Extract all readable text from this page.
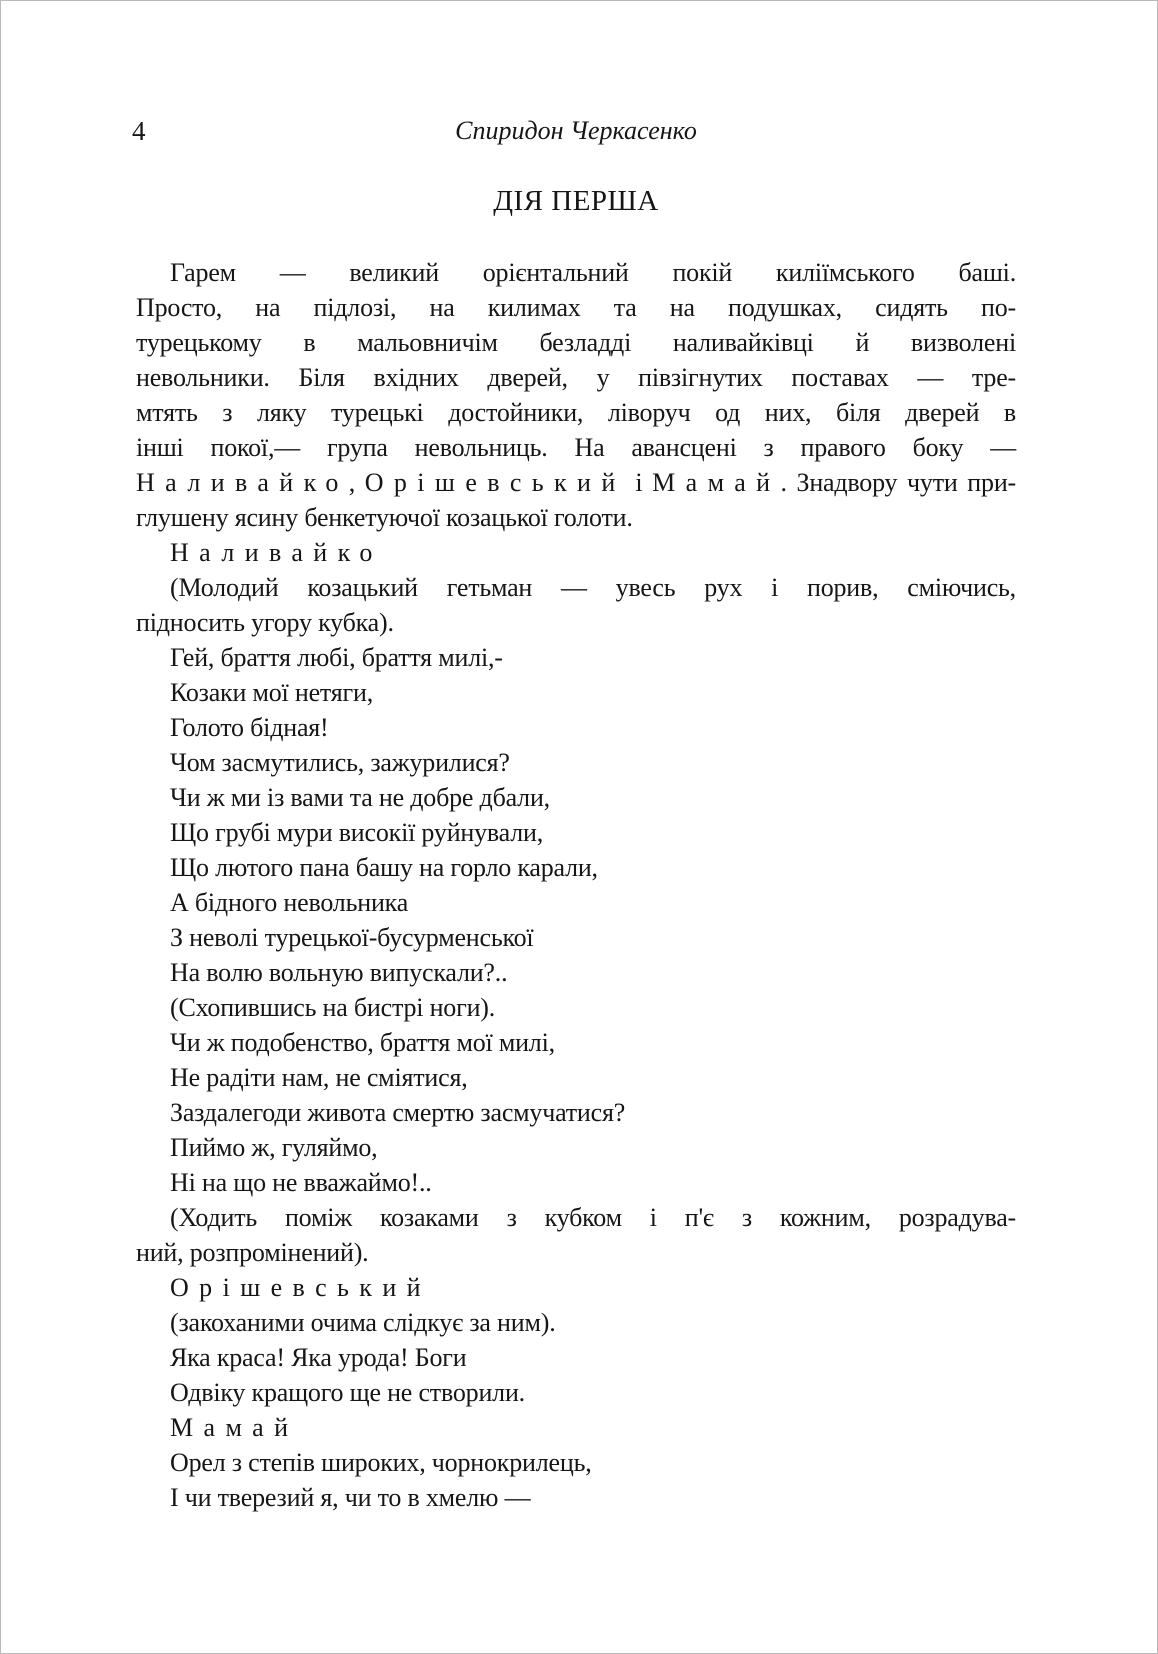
4	Спиридон Черкасенко
ДІЯ ПЕРША
Гарем — великий орієнтальний покій киліїмського баші.
Просто, на підлозі, на килимах та на подушках, сидять по-
турецькому в мальовничім безладді наливайківці й визволені
невольники. Біля вхідних дверей, у півзігнутих поставах — тре-
мтять з ляку турецькі достойники, ліворуч од них, біля дверей в
інші покої,— група невольниць. На авансцені з правого боку —
Наливайко, Орішевський і Мамай. Знадвору чути при-
глушену ясину бенкетуючої козацької голоти.
Наливайко
(Молодий козацький гетьман — увесь рух і порив, сміючись,
підносить угору кубка).
Гей, браття любі, браття милі,-
Козаки мої нетяги,
Голото бідная!
Чом засмутились, зажурилися?
Чи ж ми із вами та не добре дбали,
Що грубі мури високії руйнували,
Що лютого пана башу на горло карали,
А бідного невольника
З неволі турецької-бусурменської
На волю вольную випускали?..
(Схопившись на бистрі ноги).
Чи ж подобенство, браття мої милі,
Не радіти нам, не сміятися,
Заздалегоди живота смертю засмучатися?
Пиймо ж, гуляймо,
Ні на що не вважаймо!..
(Ходить поміж козаками з кубком і п'є з кожним, розрадува-
ний, розпромінений).
Орішевський
(закоханими очима слідкує за ним).
Яка краса! Яка урода! Боги
Одвіку кращого ще не створили.
Мамай
Орел з степів широких, чорнокрилець,
І чи тверезий я, чи то в хмелю —
